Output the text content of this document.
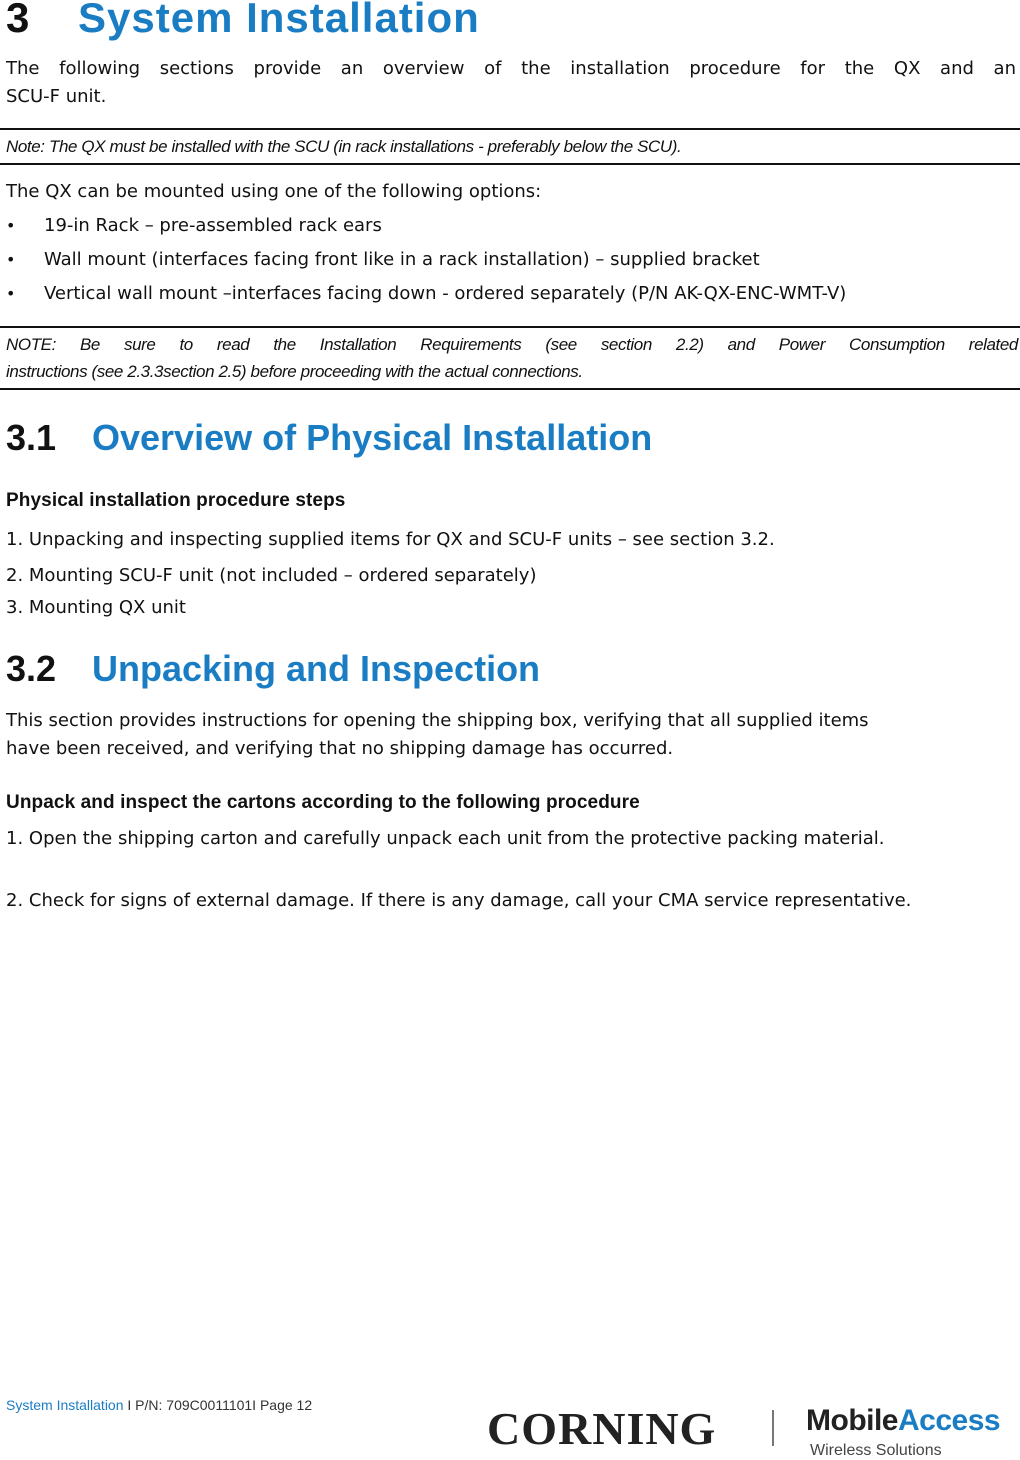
3 System Installation
The following sections provide an overview of the installation procedure for the QX and an
SCU-F unit.
Note: The QX must be installed with the SCU (in rack installations - preferably below the SCU).
The QX can be mounted using one of the following options:
• 19-in Rack – pre-assembled rack ears
• Wall mount (interfaces facing front like in a rack installation) – supplied bracket
• Vertical wall mount –interfaces facing down - ordered separately (P/N AK-QX-ENC-WMT-V)
NOTE: Be sure to read the Installation Requirements (see section 2.2) and Power Consumption related
instructions (see 2.3.3section 2.5) before proceeding with the actual connections.
3.1 Overview of Physical Installation
Physical installation procedure steps
1. Unpacking and inspecting supplied items for QX and SCU-F units – see section 3.2.
2. Mounting SCU-F unit (not included – ordered separately)
3. Mounting QX unit
3.2 Unpacking and Inspection
This section provides instructions for opening the shipping box, verifying that all supplied items
have been received, and verifying that no shipping damage has occurred.
Unpack and inspect the cartons according to the following procedure
1. Open the shipping carton and carefully unpack each unit from the protective packing material.
2. Check for signs of external damage. If there is any damage, call your CMA service representative.
System Installation I P/N: 709C0011101I Page 12	CORNING	MobileAccess
Wireless Solutions
